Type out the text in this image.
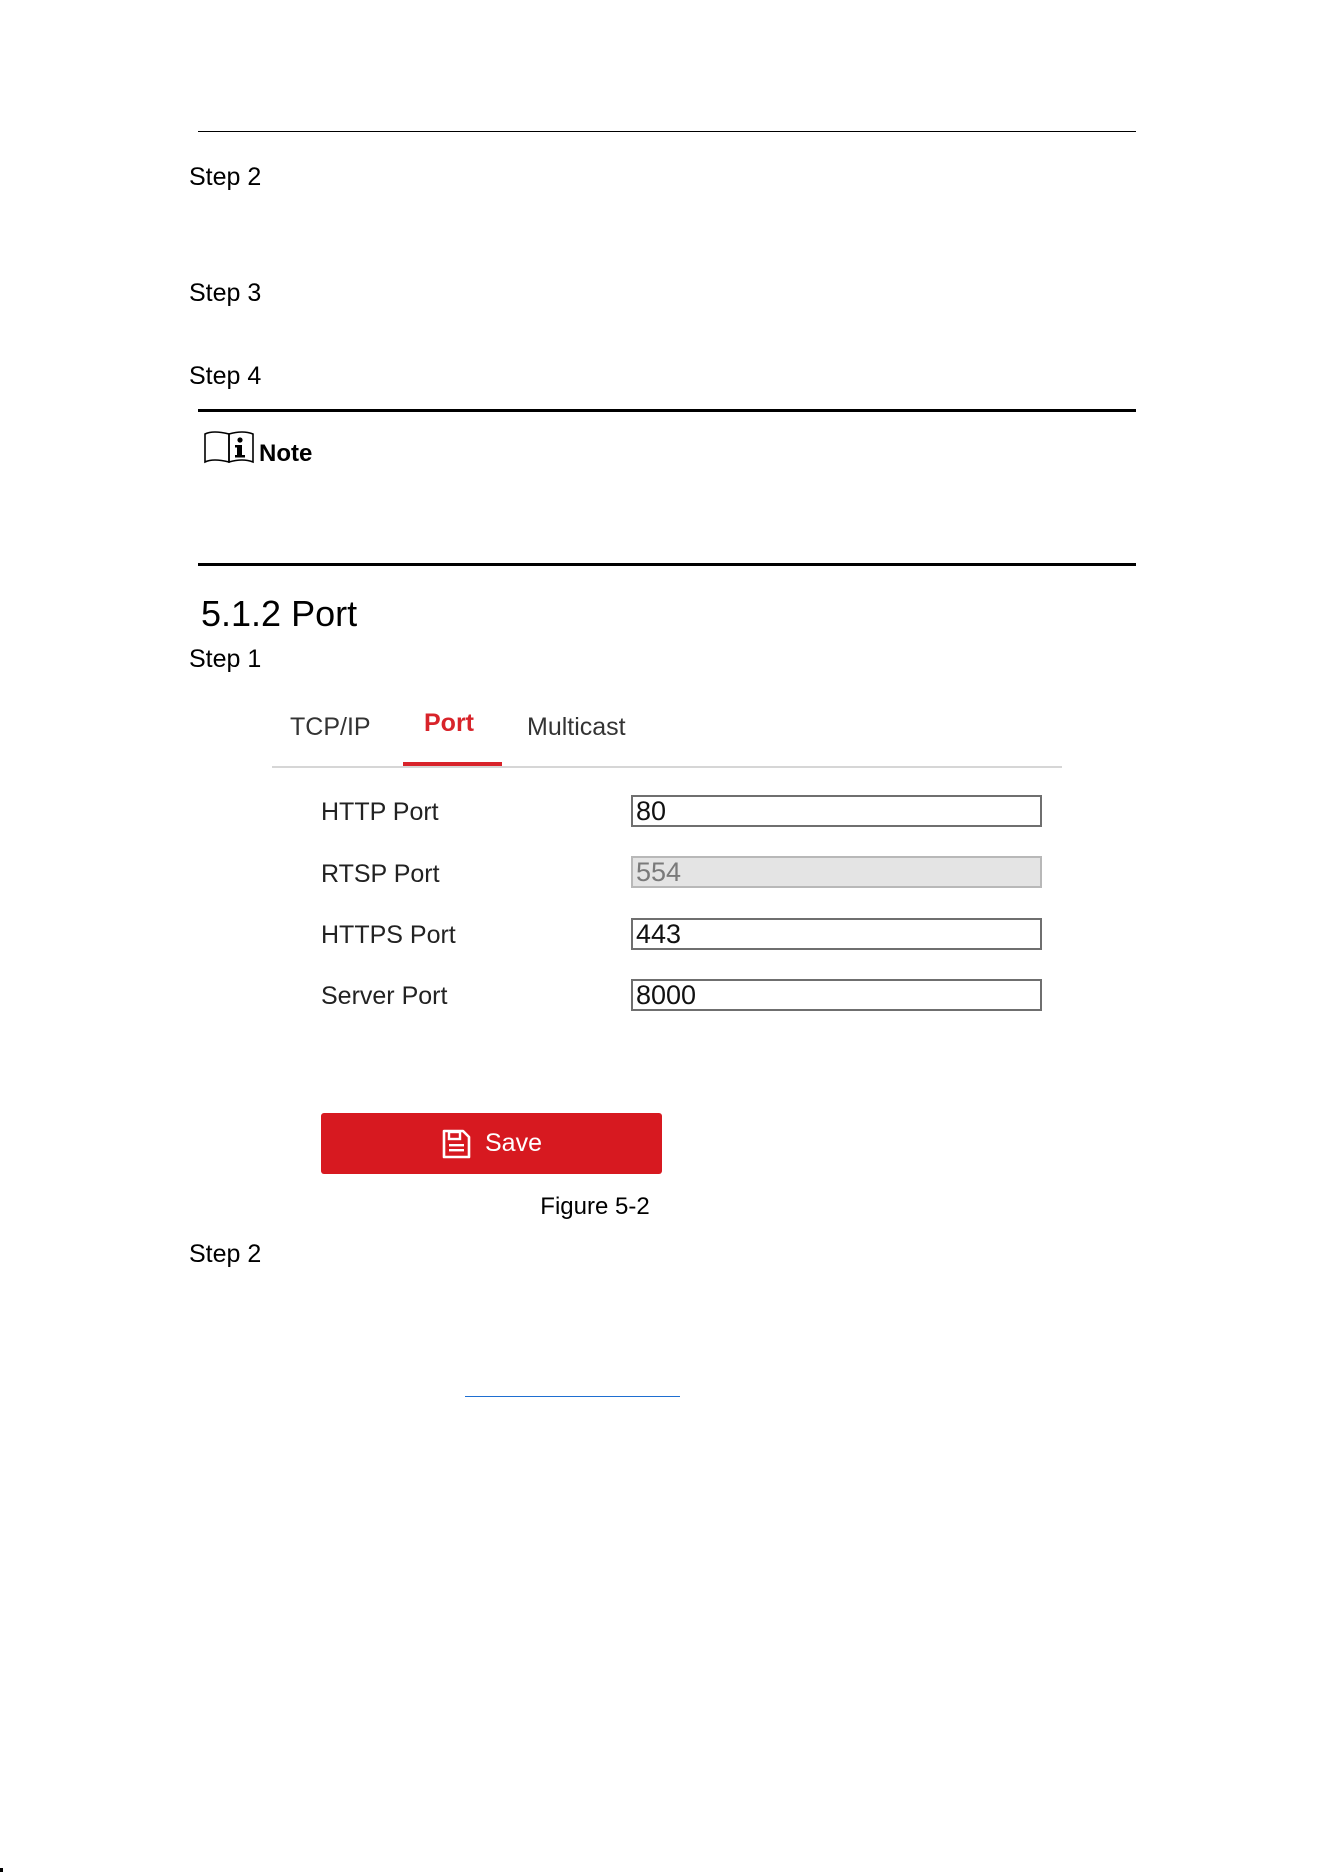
Step 2
Step 3
Step 4
Note
5.1.2 Port
Step 1
TCP/IP Port Multicast
HTTP Port
80
RTSP Port
554
HTTPS Port
443
Server Port
8000
Save
Figure 5-2
Step 2
